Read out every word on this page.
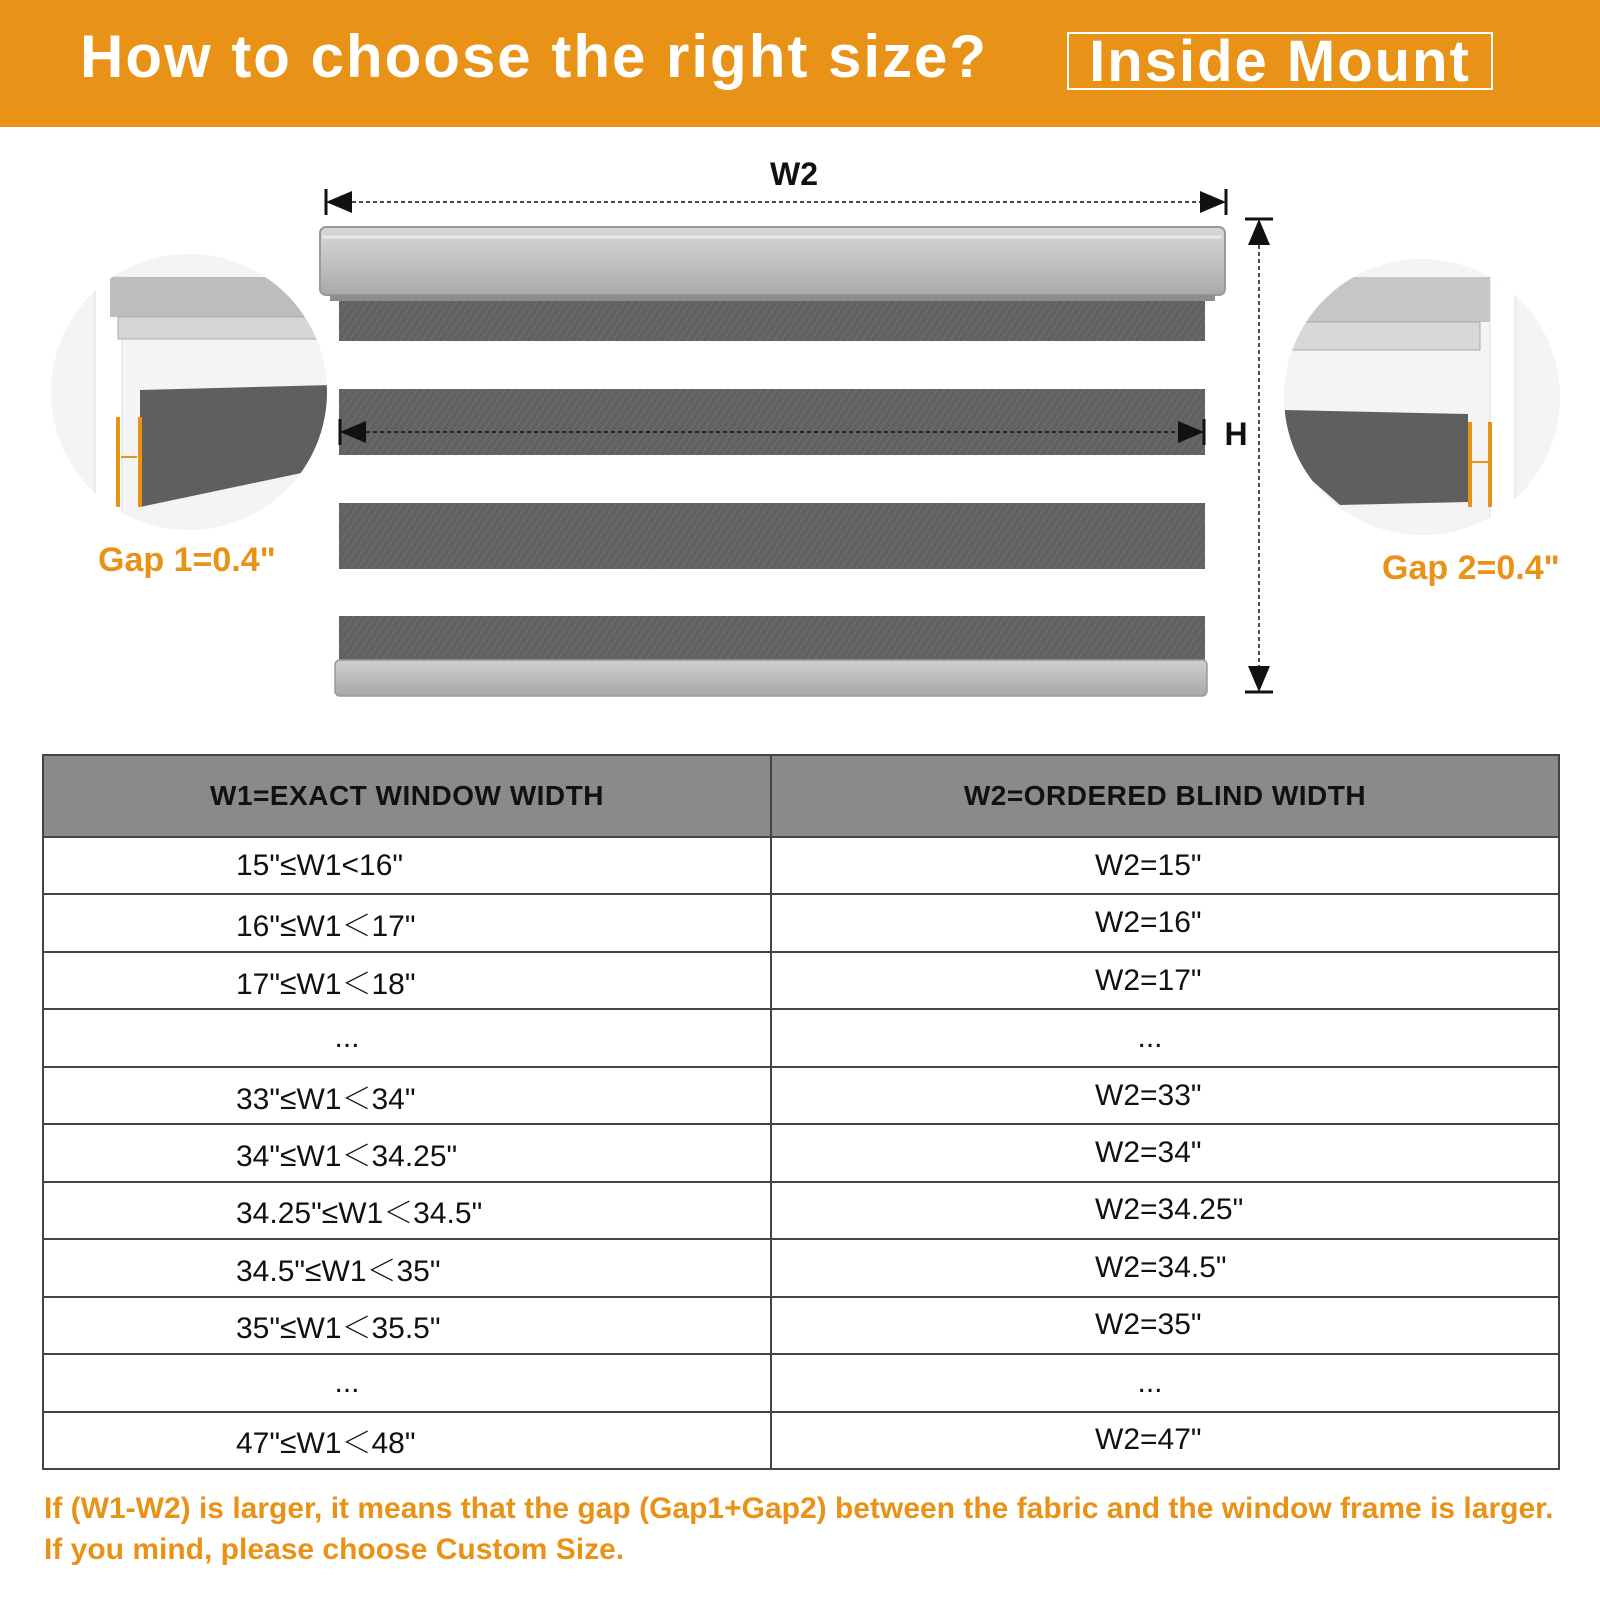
How to choose the right size?	Inside Mount
W2
H
Gap 1=0.4"	Gap 2=0.4"
W1=EXACT WINDOW WIDTH	W2=ORDERED BLIND WIDTH
15"≤W1<16"	W2=15"
16"≤W1＜17"	W2=16"
17"≤W1＜18"	W2=17"
...	...
33"≤W1＜34"	W2=33"
34"≤W1＜34.25"	W2=34"
34.25"≤W1＜34.5"	W2=34.25"
34.5"≤W1＜35"	W2=34.5"
35"≤W1＜35.5"	W2=35"
...	...
47"≤W1＜48"	W2=47"
If (W1-W2) is larger, it means that the gap (Gap1+Gap2) between the fabric and the window frame is larger. If you mind, please choose Custom Size.
